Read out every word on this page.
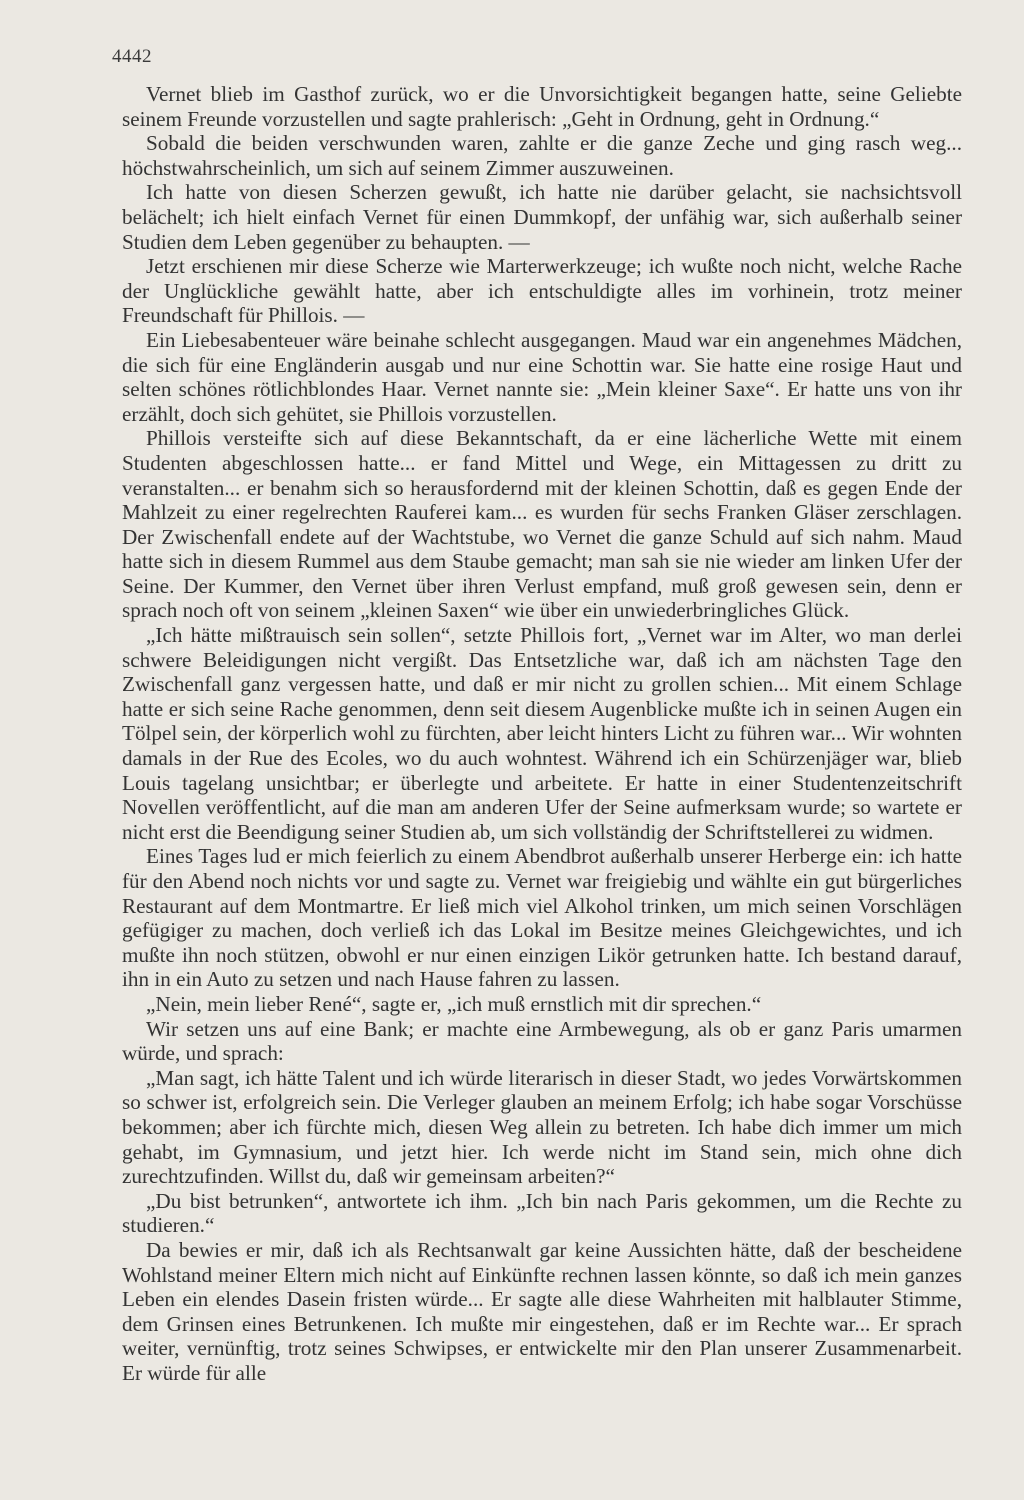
4442

Vernet blieb im Gasthof zurück, wo er die Unvorsichtigkeit begangen hatte, seine Geliebte seinem Freunde vorzustellen und sagte prahlerisch: „Geht in Ordnung, geht in Ordnung.“

Sobald die beiden verschwunden waren, zahlte er die ganze Zeche und ging rasch weg... höchstwahrscheinlich, um sich auf seinem Zimmer auszuweinen.

Ich hatte von diesen Scherzen gewußt, ich hatte nie darüber gelacht, sie nachsichtsvoll belächelt; ich hielt einfach Vernet für einen Dummkopf, der unfähig war, sich außerhalb seiner Studien dem Leben gegenüber zu behaupten. —

Jetzt erschienen mir diese Scherze wie Marterwerkzeuge; ich wußte noch nicht, welche Rache der Unglückliche gewählt hatte, aber ich entschuldigte alles im vorhinein, trotz meiner Freundschaft für Phillois. —

Ein Liebesabenteuer wäre beinahe schlecht ausgegangen. Maud war ein angenehmes Mädchen, die sich für eine Engländerin ausgab und nur eine Schottin war. Sie hatte eine rosige Haut und selten schönes rötlichblondes Haar. Vernet nannte sie: „Mein kleiner Saxe“. Er hatte uns von ihr erzählt, doch sich gehütet, sie Phillois vorzustellen.

Phillois versteifte sich auf diese Bekanntschaft, da er eine lächerliche Wette mit einem Studenten abgeschlossen hatte... er fand Mittel und Wege, ein Mittagessen zu dritt zu veranstalten... er benahm sich so herausfordernd mit der kleinen Schottin, daß es gegen Ende der Mahlzeit zu einer regelrechten Rauferei kam... es wurden für sechs Franken Gläser zerschlagen. Der Zwischenfall endete auf der Wachtstube, wo Vernet die ganze Schuld auf sich nahm. Maud hatte sich in diesem Rummel aus dem Staube gemacht; man sah sie nie wieder am linken Ufer der Seine. Der Kummer, den Vernet über ihren Verlust empfand, muß groß gewesen sein, denn er sprach noch oft von seinem „kleinen Saxen“ wie über ein unwiederbringliches Glück.

„Ich hätte mißtrauisch sein sollen“, setzte Phillois fort, „Vernet war im Alter, wo man derlei schwere Beleidigungen nicht vergißt. Das Entsetzliche war, daß ich am nächsten Tage den Zwischenfall ganz vergessen hatte, und daß er mir nicht zu grollen schien... Mit einem Schlage hatte er sich seine Rache genommen, denn seit diesem Augenblicke mußte ich in seinen Augen ein Tölpel sein, der körperlich wohl zu fürchten, aber leicht hinters Licht zu führen war... Wir wohnten damals in der Rue des Ecoles, wo du auch wohntest. Während ich ein Schürzenjäger war, blieb Louis tagelang unsichtbar; er überlegte und arbeitete. Er hatte in einer Studentenzeitschrift Novellen veröffentlicht, auf die man am anderen Ufer der Seine aufmerksam wurde; so wartete er nicht erst die Beendigung seiner Studien ab, um sich vollständig der Schriftstellerei zu widmen.

Eines Tages lud er mich feierlich zu einem Abendbrot außerhalb unserer Herberge ein: ich hatte für den Abend noch nichts vor und sagte zu. Vernet war freigiebig und wählte ein gut bürgerliches Restaurant auf dem Montmartre. Er ließ mich viel Alkohol trinken, um mich seinen Vorschlägen gefügiger zu machen, doch verließ ich das Lokal im Besitze meines Gleichgewichtes, und ich mußte ihn noch stützen, obwohl er nur einen einzigen Likör getrunken hatte. Ich bestand darauf, ihn in ein Auto zu setzen und nach Hause fahren zu lassen.

„Nein, mein lieber René“, sagte er, „ich muß ernstlich mit dir sprechen.“

Wir setzen uns auf eine Bank; er machte eine Armbewegung, als ob er ganz Paris umarmen würde, und sprach:

„Man sagt, ich hätte Talent und ich würde literarisch in dieser Stadt, wo jedes Vorwärtskommen so schwer ist, erfolgreich sein. Die Verleger glauben an meinem Erfolg; ich habe sogar Vorschüsse bekommen; aber ich fürchte mich, diesen Weg allein zu betreten. Ich habe dich immer um mich gehabt, im Gymnasium, und jetzt hier. Ich werde nicht im Stand sein, mich ohne dich zurechtzufinden. Willst du, daß wir gemeinsam arbeiten?“

„Du bist betrunken“, antwortete ich ihm. „Ich bin nach Paris gekommen, um die Rechte zu studieren.“

Da bewies er mir, daß ich als Rechtsanwalt gar keine Aussichten hätte, daß der bescheidene Wohlstand meiner Eltern mich nicht auf Einkünfte rechnen lassen könnte, so daß ich mein ganzes Leben ein elendes Dasein fristen würde... Er sagte alle diese Wahrheiten mit halblauter Stimme, dem Grinsen eines Betrunkenen. Ich mußte mir eingestehen, daß er im Rechte war... Er sprach weiter, vernünftig, trotz seines Schwipses, er entwickelte mir den Plan unserer Zusammenarbeit. Er würde für alle
